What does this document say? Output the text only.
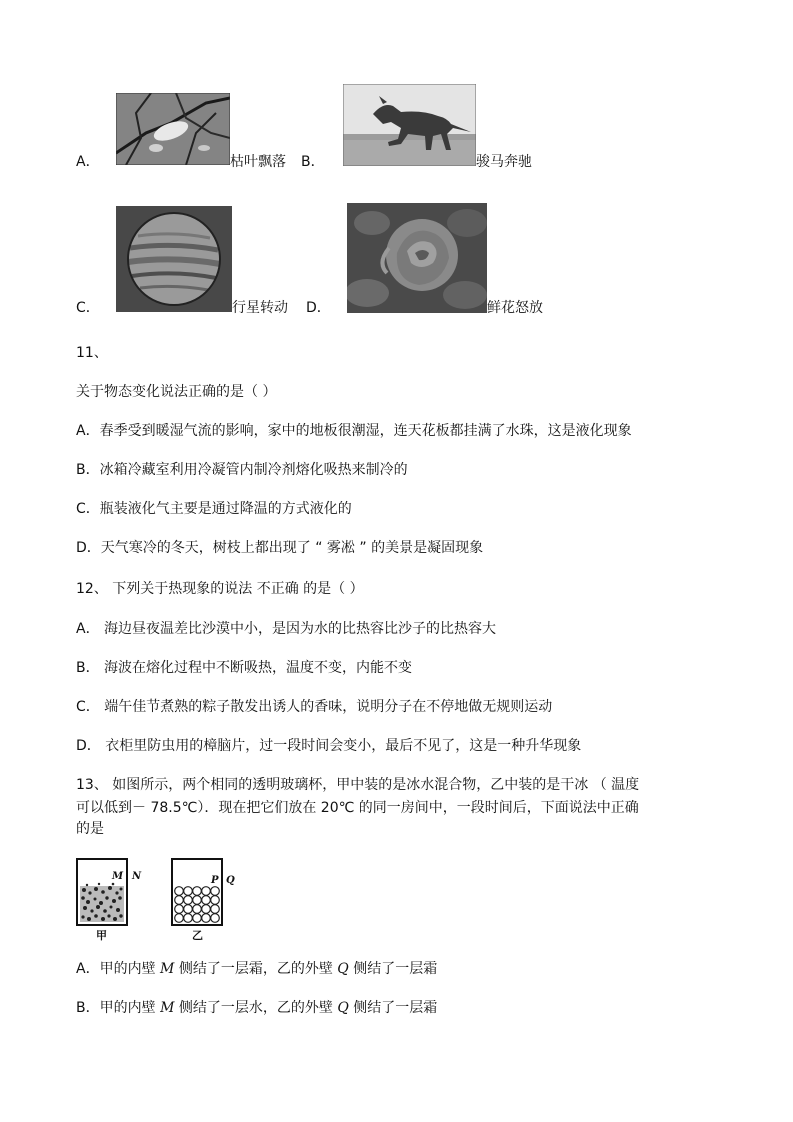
A．	枯叶飘落 B．	骏马奔驰
C．	行星转动 D．	鲜花怒放
11、
关于物态变化说法正确的是（ ）
A．春季受到暖湿气流的影响，家中的地板很潮湿，连天花板都挂满了水珠，这是液化现象
B．冰箱冷藏室利用冷凝管内制冷剂熔化吸热来制冷的
C．瓶装液化气主要是通过降温的方式液化的
D．天气寒冷的冬天，树枝上都出现了 “ 雾凇 ” 的美景是凝固现象
12、 下列关于热现象的说法 不正确 的是（ ）
A． 海边昼夜温差比沙漠中小，是因为水的比热容比沙子的比热容大
B． 海波在熔化过程中不断吸热，温度不变，内能不变
C． 端午佳节煮熟的粽子散发出诱人的香味，说明分子在不停地做无规则运动
D． 衣柜里防虫用的樟脑片，过一段时间会变小，最后不见了，这是一种升华现象
13、 如图所示，两个相同的透明玻璃杯，甲中装的是冰水混合物，乙中装的是干冰 （ 温度
可以低到－ 78.5℃）．现在把它们放在 20℃ 的同一房间中，一段时间后，下面说法中正确
的是
M N
甲
P Q
乙
A．甲的内壁 M 侧结了一层霜，乙的外壁 Q 侧结了一层霜
B．甲的内壁 M 侧结了一层水，乙的外壁 Q 侧结了一层霜
